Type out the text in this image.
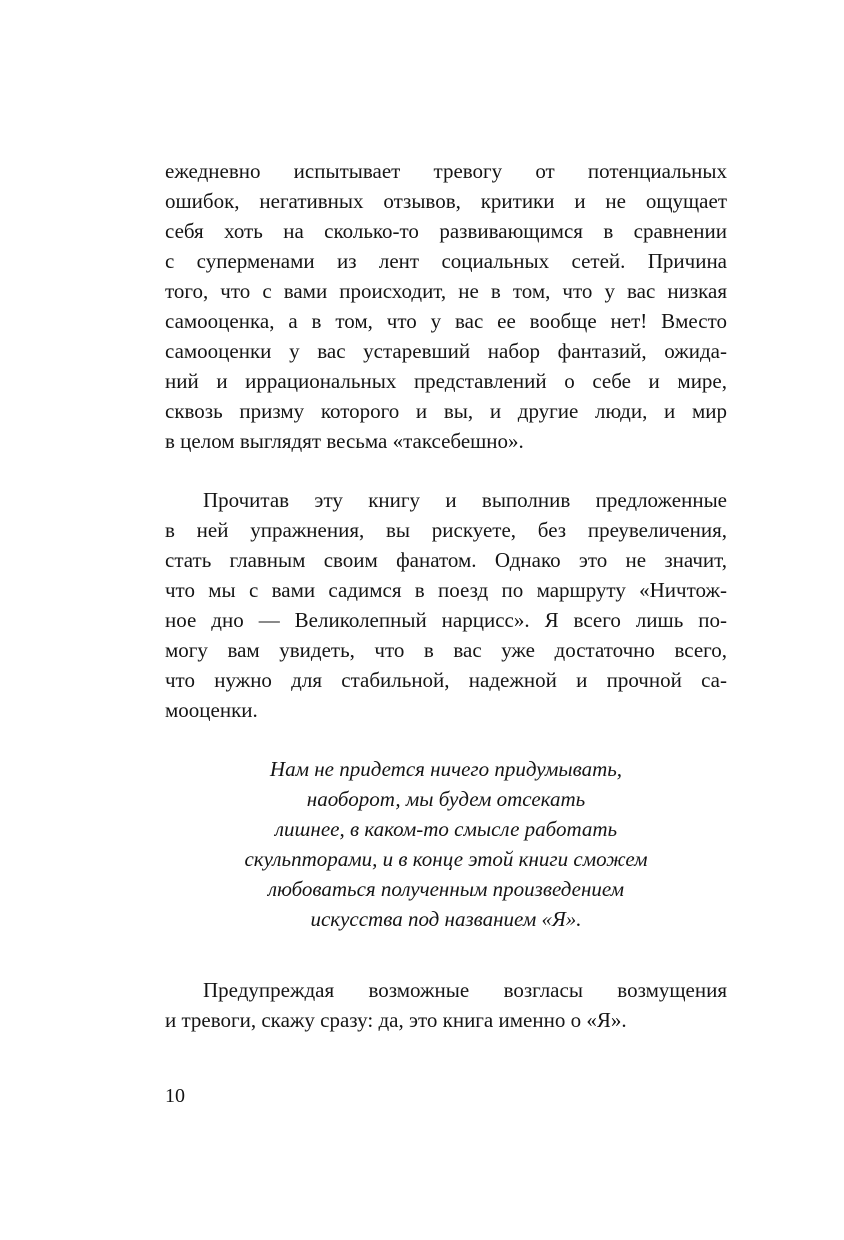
ежедневно испытывает тревогу от потенциальных
ошибок, негативных отзывов, критики и не ощущает
себя хоть на сколько-то развивающимся в сравнении
с суперменами из лент социальных сетей. Причина
того, что с вами происходит, не в том, что у вас низкая
самооценка, а в том, что у вас ее вообще нет! Вместо
самооценки у вас устаревший набор фантазий, ожида-
ний и иррациональных представлений о себе и мире,
сквозь призму которого и вы, и другие люди, и мир
в целом выглядят весьма «таксебешно».
Прочитав эту книгу и выполнив предложенные
в ней упражнения, вы рискуете, без преувеличения,
стать главным своим фанатом. Однако это не значит,
что мы с вами садимся в поезд по маршруту «Ничтож-
ное дно — Великолепный нарцисс». Я всего лишь по-
могу вам увидеть, что в вас уже достаточно всего,
что нужно для стабильной, надежной и прочной са-
мооценки.
Нам не придется ничего придумывать,
наоборот, мы будем отсекать
лишнее, в каком-то смысле работать
скульпторами, и в конце этой книги сможем
любоваться полученным произведением
искусства под названием «Я».
Предупреждая возможные возгласы возмущения
и тревоги, скажу сразу: да, это книга именно о «Я».
10
